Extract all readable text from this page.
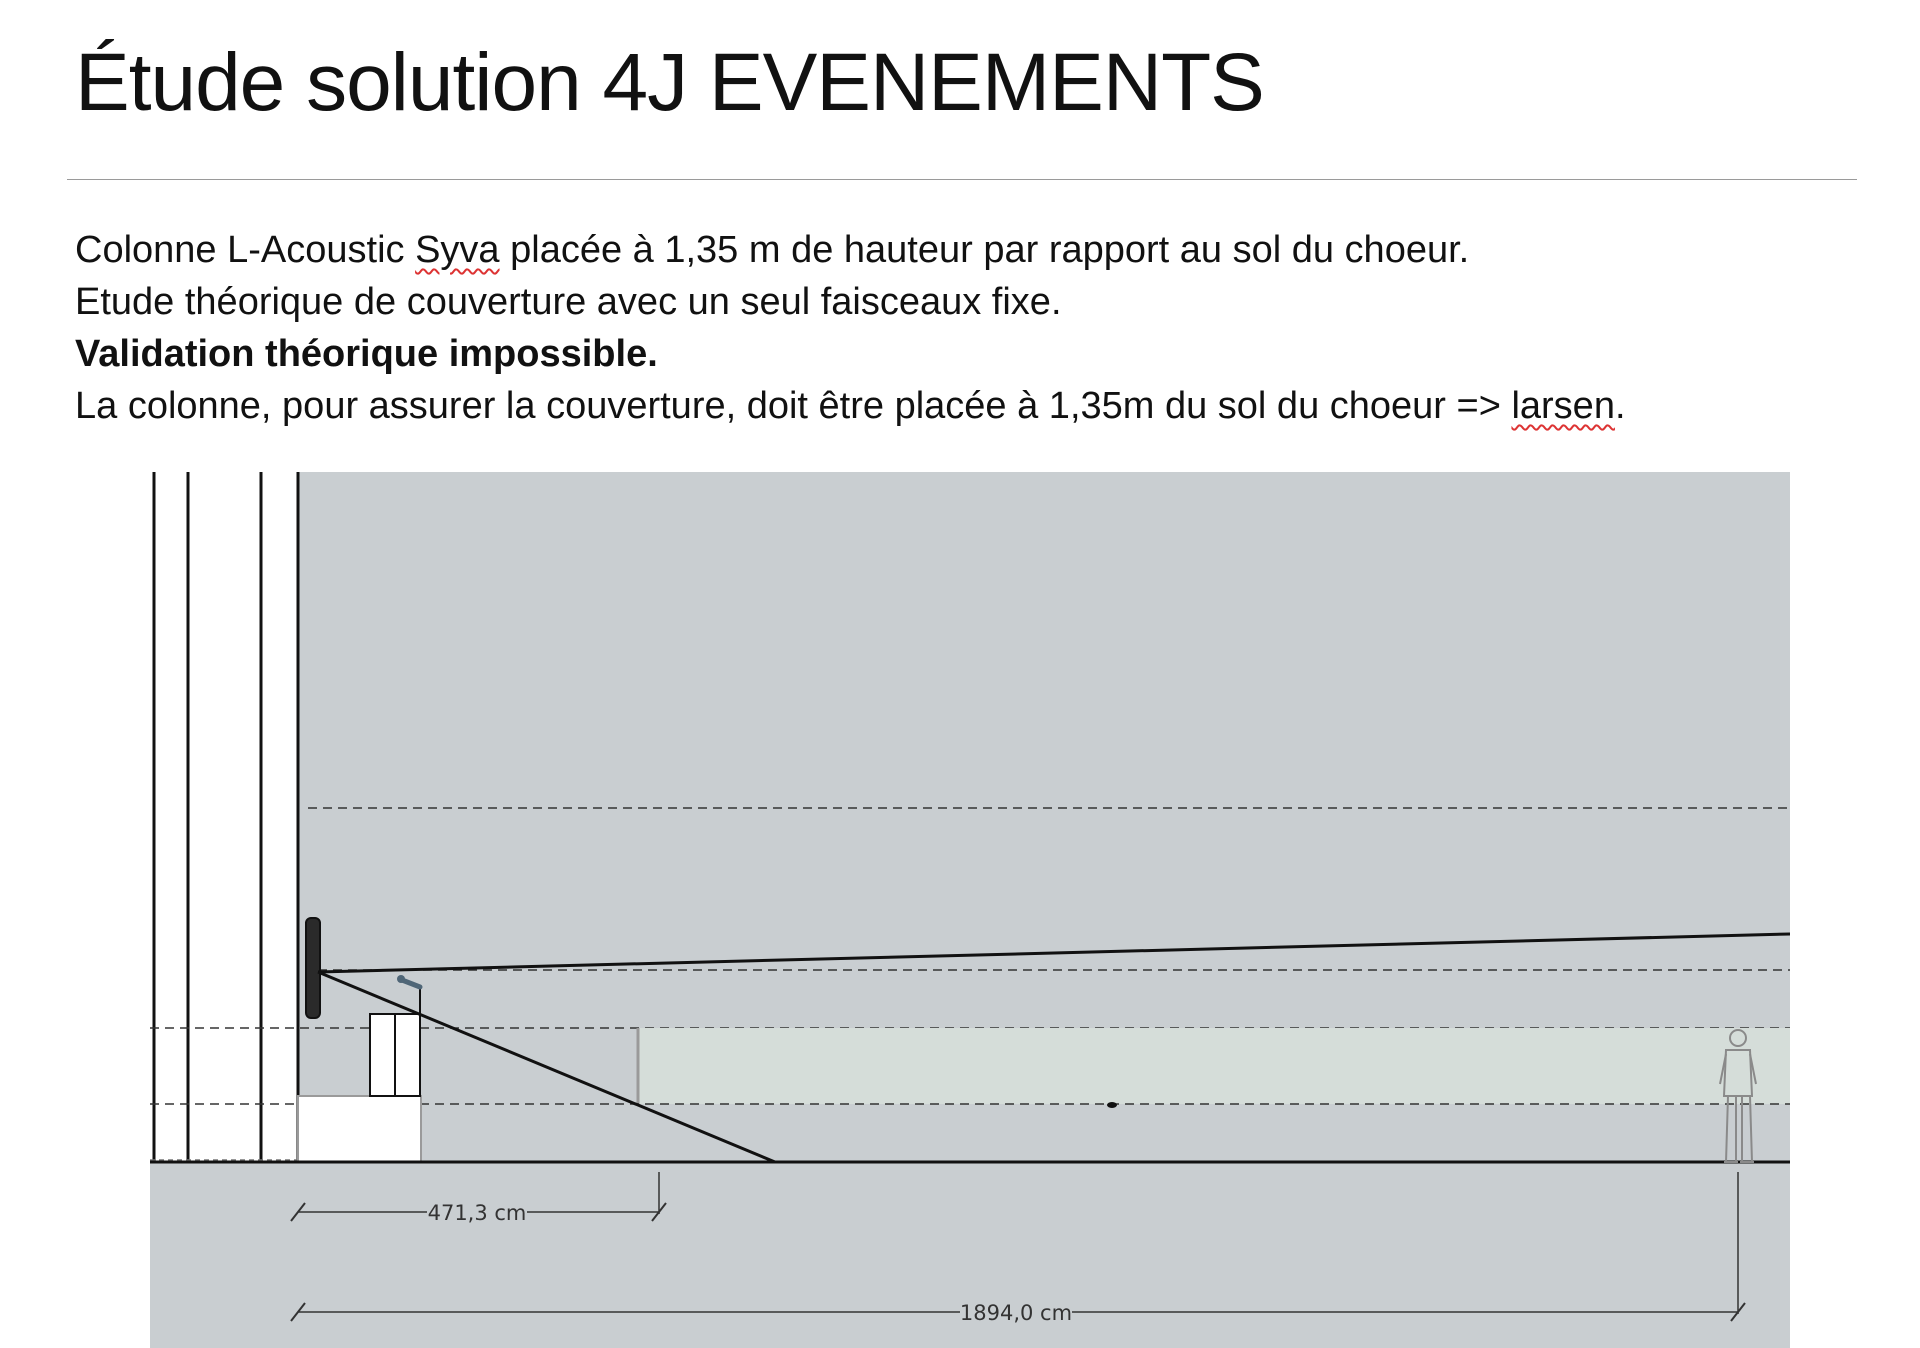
Étude solution 4J EVENEMENTS

Colonne L-Acoustic Syva placée à 1,35 m de hauteur par rapport au sol du choeur.

Etude théorique de couverture avec un seul faisceaux fixe.

Validation théorique impossible.

La colonne, pour assurer la couverture, doit être placée à 1,35m du sol du choeur => larsen.

471,3 cm
1894,0 cm
